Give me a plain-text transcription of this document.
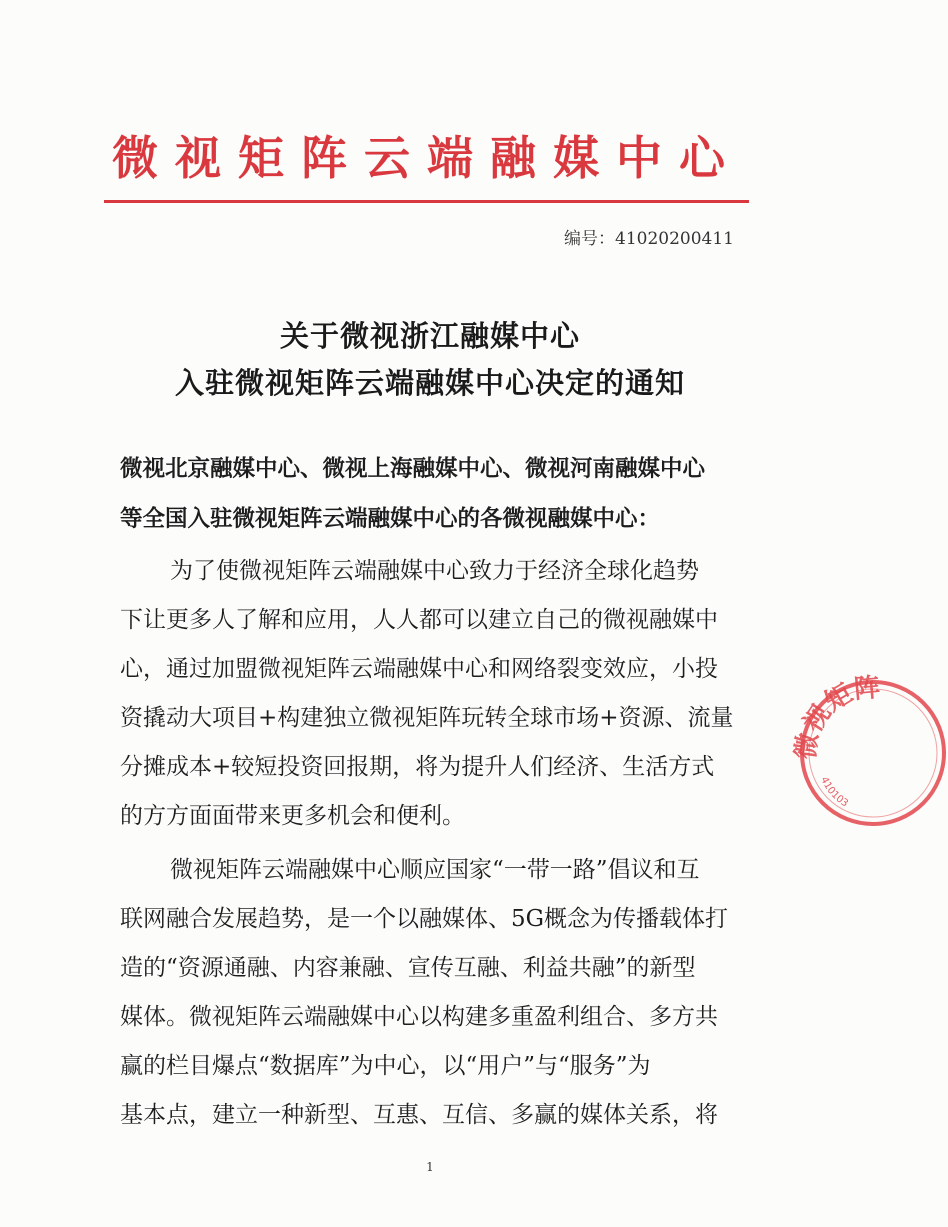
微视矩阵云端融媒中心
编号：41020200411
关于微视浙江融媒中心
入驻微视矩阵云端融媒中心决定的通知
微视北京融媒中心、微视上海融媒中心、微视河南融媒中心
等全国入驻微视矩阵云端融媒中心的各微视融媒中心：
为了使微视矩阵云端融媒中心致力于经济全球化趋势
下让更多人了解和应用，人人都可以建立自己的微视融媒中
心，通过加盟微视矩阵云端融媒中心和网络裂变效应，小投
资撬动大项目+构建独立微视矩阵玩转全球市场+资源、流量
分摊成本+较短投资回报期，将为提升人们经济、生活方式
的方方面面带来更多机会和便利。
微视矩阵云端融媒中心顺应国家“一带一路”倡议和互
联网融合发展趋势，是一个以融媒体、5G概念为传播载体打
造的“资源通融、内容兼融、宣传互融、利益共融”的新型
媒体。微视矩阵云端融媒中心以构建多重盈利组合、多方共
赢的栏目爆点“数据库”为中心，以“用户”与“服务”为
基本点，建立一种新型、互惠、互信、多赢的媒体关系，将
1
微视矩阵
410103
